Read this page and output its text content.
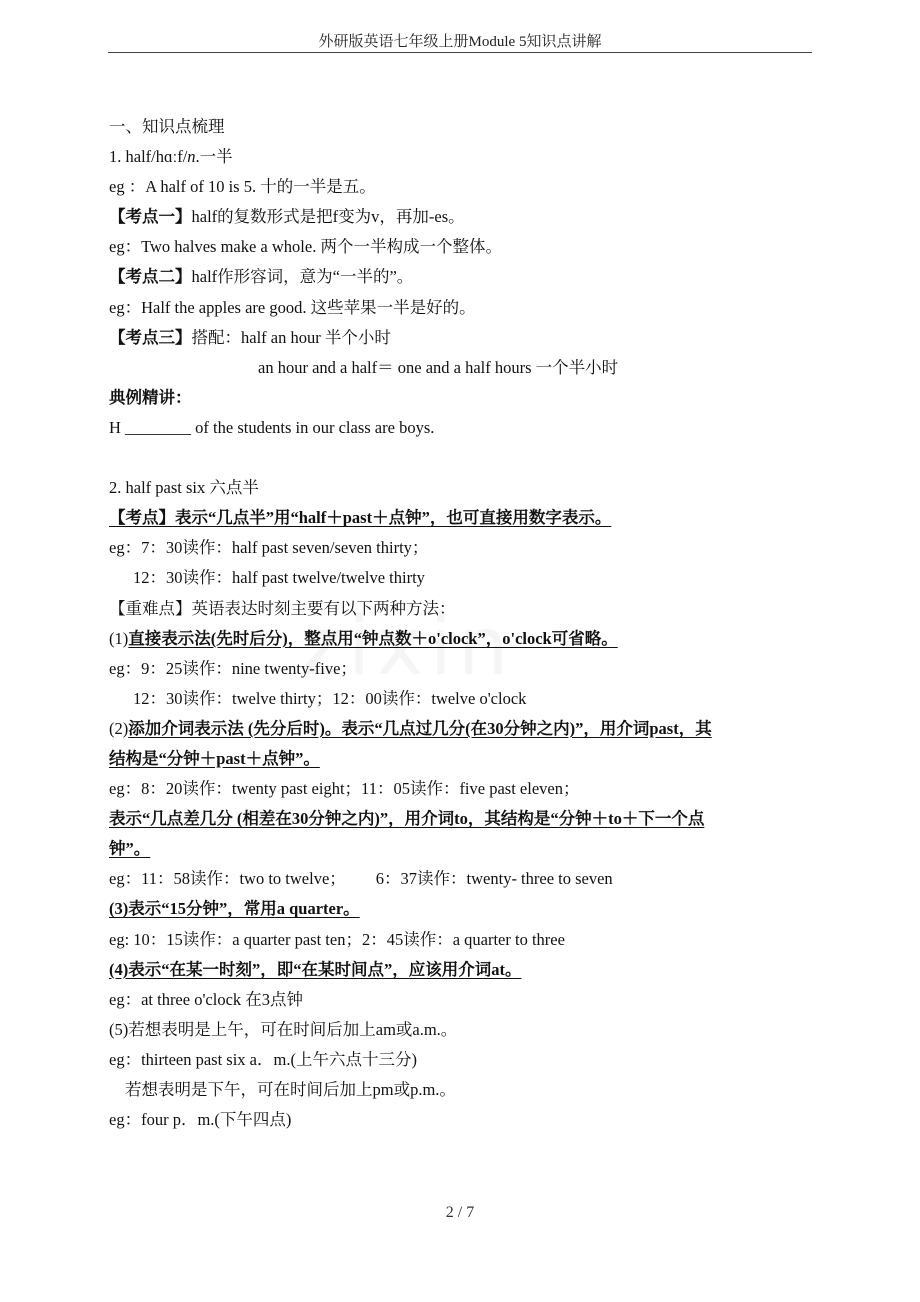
外研版英语七年级上册Module 5知识点讲解
一、知识点梳理
1. half/hɑːf/n.一半
eg ：A half of 10 is 5. 十的一半是五。
【考点一】half的复数形式是把f变为v，再加-es。
eg：Two halves make a whole. 两个一半构成一个整体。
【考点二】half作形容词，意为“一半的”。
eg：Half the apples are good. 这些苹果一半是好的。
【考点三】搭配：half an hour 半个小时
an hour and a half＝ one and a half hours 一个半小时
典例精讲：
H ________ of the students in our class are boys.
2. half past six 六点半
【考点】表示“几点半”用“half＋past＋点钟”，也可直接用数字表示。
eg：7：30读作：half past seven/seven thirty；
12：30读作：half past twelve/twelve thirty
【重难点】英语表达时刻主要有以下两种方法：
(1)直接表示法(先时后分)，整点用“钟点数＋o'clock”，o'clock可省略。
eg：9：25读作：nine twenty-five；
12：30读作：twelve thirty；12：00读作：twelve o'clock
(2)添加介词表示法 (先分后时)。表示“几点过几分(在30分钟之内)”，用介词past，其
结构是“分钟＋past＋点钟”。
eg：8：20读作：twenty past eight；11：05读作：five past eleven；
表示“几点差几分 (相差在30分钟之内)”，用介词to，其结构是“分钟＋to＋下一个点
钟”。
eg：11：58读作：two to twelve； 6：37读作：twenty- three to seven
(3)表示“15分钟”，常用a quarter。
eg: 10：15读作：a quarter past ten；2：45读作：a quarter to three
(4)表示“在某一时刻”，即“在某时间点”，应该用介词at。
eg：at three o'clock 在3点钟
(5)若想表明是上午，可在时间后加上am或a.m.。
eg：thirteen past six a．m.(上午六点十三分)
若想表明是下午，可在时间后加上pm或p.m.。
eg：four p．m.(下午四点)
2 / 7
